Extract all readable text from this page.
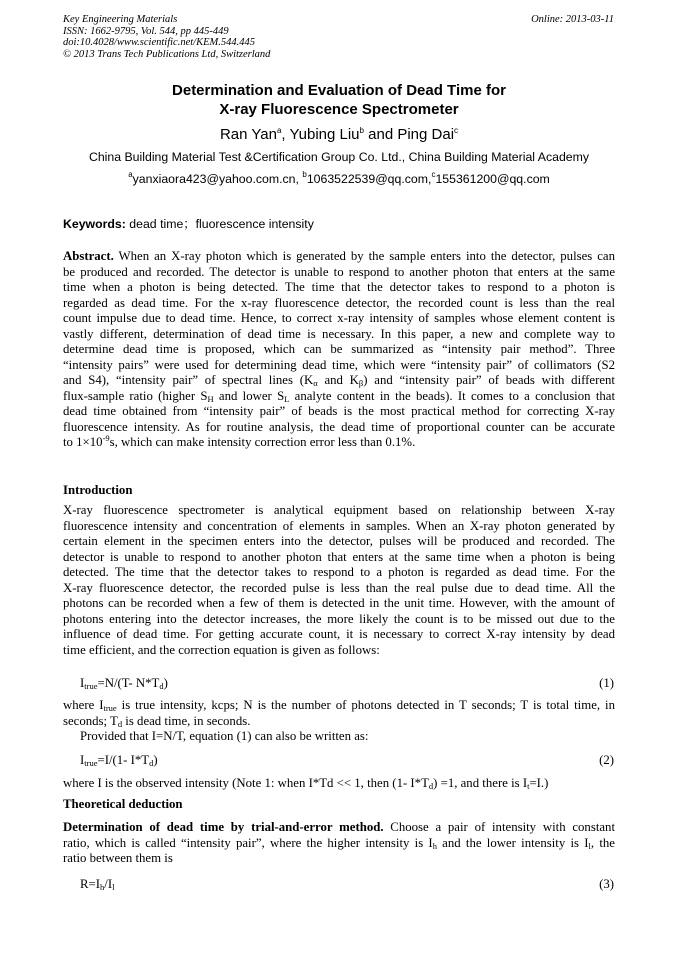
Key Engineering Materials
ISSN: 1662-9795, Vol. 544, pp 445-449
doi:10.4028/www.scientific.net/KEM.544.445
© 2013 Trans Tech Publications Ltd, Switzerland
Online: 2013-03-11
Determination and Evaluation of Dead Time for
X-ray Fluorescence Spectrometer
Ran Yan$^a$, Yubing Liu$^b$ and Ping Dai$^c$
China Building Material Test &Certification Group Co. Ltd., China Building Material Academy
$^a$yanxiaora423@yahoo.com.cn, $^b$1063522539@qq.com,$^c$155361200@qq.com
Keywords: dead time；fluorescence intensity
Abstract. When an X-ray photon which is generated by the sample enters into the detector, pulses can
be produced and recorded. The detector is unable to respond to another photon that enters at the same
time when a photon is being detected. The time that the detector takes to respond to a photon is
regarded as dead time. For the x-ray fluorescence detector, the recorded count is less than the real
count impulse due to dead time. Hence, to correct x-ray intensity of samples whose element content is
vastly different, determination of dead time is necessary. In this paper, a new and complete way to
determine dead time is proposed, which can be summarized as “intensity pair method”. Three
“intensity pairs” were used for determining dead time, which were “intensity pair” of collimators (S2
and S4), “intensity pair” of spectral lines ($K_\alpha$ and $K_\beta$) and “intensity pair” of beads with different
flux-sample ratio (higher $S_H$ and lower $S_L$ analyte content in the beads). It comes to a conclusion that
dead time obtained from “intensity pair” of beads is the most practical method for correcting X-ray
fluorescence intensity. As for routine analysis, the dead time of proportional counter can be accurate
to $1\times 10^{-9}s$, which can make intensity correction error less than 0.1%.
Introduction
X-ray fluorescence spectrometer is analytical equipment based on relationship between X-ray
fluorescence intensity and concentration of elements in samples. When an X-ray photon generated by
certain element in the specimen enters into the detector, pulses will be produced and recorded. The
detector is unable to respond to another photon that enters at the same time when a photon is being
detected. The time that the detector takes to respond to a photon is regarded as dead time. For the
X-ray fluorescence detector, the recorded pulse is less than the real pulse due to dead time. All the
photons can be recorded when a few of them is detected in the unit time. However, with the amount of
photons entering into the detector increases, the more likely the count is to be missed out due to the
influence of dead time. For getting accurate count, it is necessary to correct X-ray intensity by dead
time efficient, and the correction equation is given as follows:
$I_{true}=N/(T-$ $N*T_d$)	(1)
where $I_{true}$ is true intensity, kcps; N is the number of photons detected in T seconds; T is total time, in
seconds; $T_d$ is dead time, in seconds.
Provided that I=N/T, equation (1) can also be written as:
$I_{true}=I/(1-$ $I*T_d$)	(2)
where I is the observed intensity (Note 1: when I*Td << 1, then (1- $I*T_d) =1$, and there is $I_t=I$.)
Theoretical deduction
Determination of dead time by trial-and-error method. Choose a pair of intensity with constant
ratio, which is called “intensity pair”, where the higher intensity is $I_h$ and the lower intensity is $I_l$, the
ratio between them is
$R=I_h/I_l$	(3)
